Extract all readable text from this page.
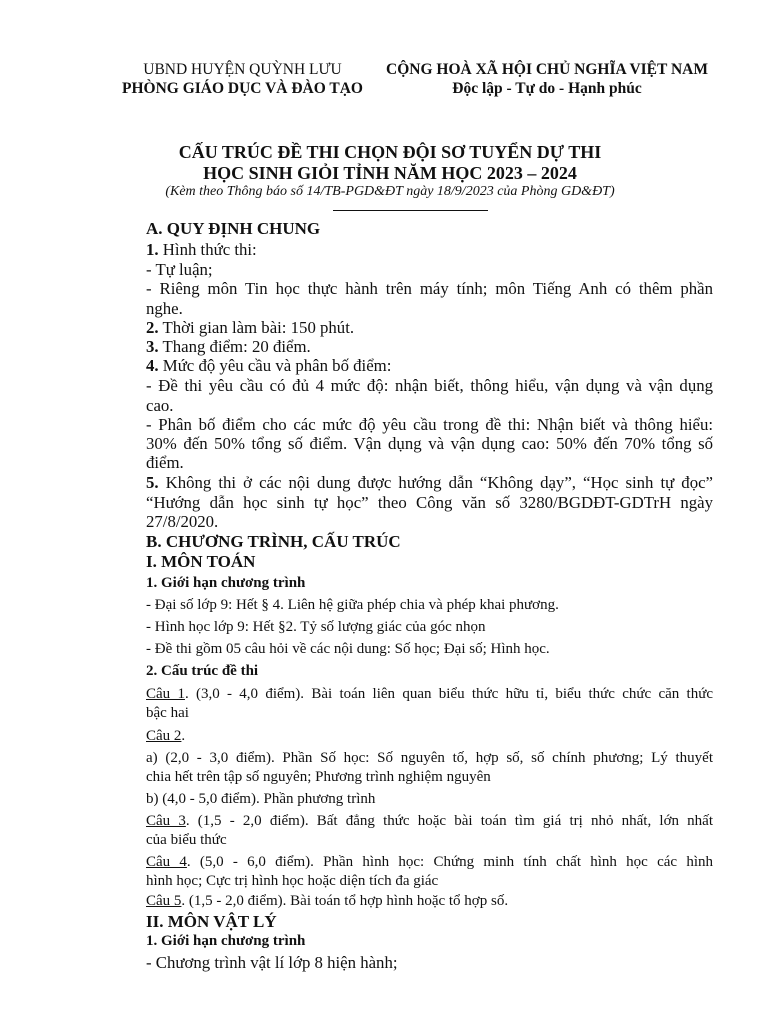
UBND HUYỆN QUỲNH LƯU
PHÒNG GIÁO DỤC VÀ ĐÀO TẠO
CỘNG HOÀ XÃ HỘI CHỦ NGHĨA VIỆT NAM
Độc lập - Tự do - Hạnh phúc
CẤU TRÚC ĐỀ THI CHỌN ĐỘI SƠ TUYỂN DỰ THI
HỌC SINH GIỎI TỈNH NĂM HỌC 2023 – 2024
(Kèm theo Thông báo số 14/TB-PGD&ĐT ngày 18/9/2023 của Phòng GD&ĐT)
A. QUY ĐỊNH CHUNG
1. Hình thức thi:
- Tự luận;
- Riêng môn Tin học thực hành trên máy tính; môn Tiếng Anh có thêm phần
nghe.
2. Thời gian làm bài: 150 phút.
3. Thang điểm: 20 điểm.
4. Mức độ yêu cầu và phân bố điểm:
- Đề thi yêu cầu có đủ 4 mức độ: nhận biết, thông hiểu, vận dụng và vận dụng
cao.
- Phân bố điểm cho các mức độ yêu cầu trong đề thi: Nhận biết và thông hiểu:
30% đến 50% tổng số điểm. Vận dụng và vận dụng cao: 50% đến 70% tổng số
điểm.
5. Không thi ở các nội dung được hướng dẫn “Không dạy”, “Học sinh tự đọc”
“Hướng dẫn học sinh tự học” theo Công văn số 3280/BGDĐT-GDTrH ngày
27/8/2020.
B. CHƯƠNG TRÌNH, CẤU TRÚC
I. MÔN TOÁN
1. Giới hạn chương trình
- Đại số lớp 9: Hết § 4. Liên hệ giữa phép chia và phép khai phương.
- Hình học lớp 9: Hết §2. Tỷ số lượng giác của góc nhọn
- Đề thi gồm 05 câu hỏi về các nội dung: Số học; Đại số; Hình học.
2. Cấu trúc đề thi
Câu 1. (3,0 - 4,0 điểm). Bài toán liên quan biểu thức hữu tỉ, biểu thức chức căn thức
bậc hai
Câu 2.
a) (2,0 - 3,0 điểm). Phần Số học: Số nguyên tố, hợp số, số chính phương; Lý thuyết
chia hết trên tập số nguyên; Phương trình nghiệm nguyên
b) (4,0 - 5,0 điểm). Phần phương trình
Câu 3. (1,5 - 2,0 điểm). Bất đẳng thức hoặc bài toán tìm giá trị nhỏ nhất, lớn nhất
của biểu thức
Câu 4. (5,0 - 6,0 điểm). Phần hình học: Chứng minh tính chất hình học các hình
hình học; Cực trị hình học hoặc diện tích đa giác
Câu 5. (1,5 - 2,0 điểm). Bài toán tổ hợp hình hoặc tổ hợp số.
II. MÔN VẬT LÝ
1. Giới hạn chương trình
- Chương trình vật lí lớp 8 hiện hành;
